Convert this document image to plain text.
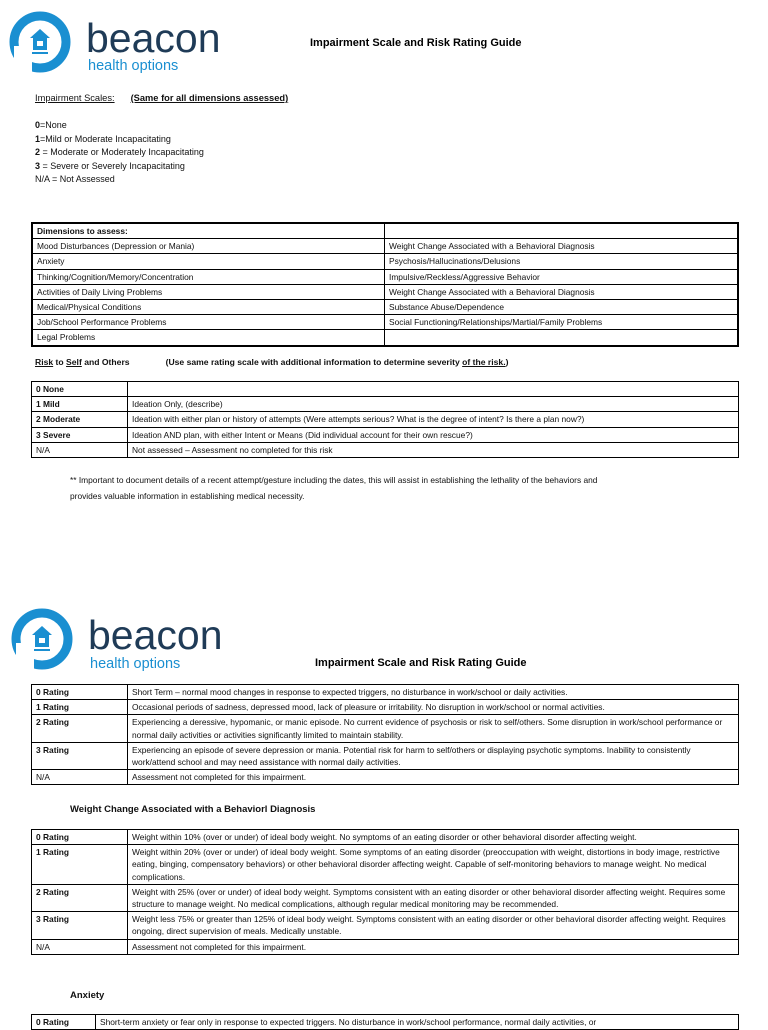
beacon
health options
Impairment Scale and Risk Rating Guide
Impairment Scales: (Same for all dimensions assessed)
0=None
1=Mild or Moderate Incapacitating
2 = Moderate or Moderately Incapacitating
3 = Severe or Severely Incapacitating
N/A = Not Assessed
Dimensions to assess:	
Mood Disturbances (Depression or Mania)	Weight Change Associated with a Behavioral Diagnosis
Anxiety	Psychosis/Hallucinations/Delusions
Thinking/Cognition/Memory/Concentration	Impulsive/Reckless/Aggressive Behavior
Activities of Daily Living Problems	Weight Change Associated with a Behavioral Diagnosis
Medical/Physical Conditions	Substance Abuse/Dependence
Job/School Performance Problems	Social Functioning/Relationships/Martial/Family Problems
Legal Problems	
Risk to Self and Others	(Use same rating scale with additional information to determine severity of the risk.)
0 None	
1 Mild	Ideation Only, (describe)
2 Moderate	Ideation with either plan or history of attempts (Were attempts serious? What is the degree of intent? Is there a plan now?)
3 Severe	Ideation AND plan, with either Intent or Means (Did individual account for their own rescue?)
N/A	Not assessed – Assessment no completed for this risk
** Important to document details of a recent attempt/gesture including the dates, this will assist in establishing the lethality of the behaviors and
provides valuable information in establishing medical necessity.
beacon
health options	Impairment Scale and Risk Rating Guide
0 Rating	Short Term – normal mood changes in response to expected triggers, no disturbance in work/school or daily activities.
1 Rating	Occasional periods of sadness, depressed mood, lack of pleasure or irritability. No disruption in work/school or normal activities.
2 Rating	Experiencing a deressive, hypomanic, or manic episode. No current evidence of psychosis or risk to self/others. Some disruption in work/school performance or normal daily activities or activities significantly limited to maintain stability.
3 Rating	Experiencing an episode of severe depression or mania. Potential risk for harm to self/others or displaying psychotic symptoms. Inability to consistently work/attend school and may need assistance with normal daily activities.
N/A	Assessment not completed for this impairment.
Weight Change Associated with a Behaviorl Diagnosis
0 Rating	Weight within 10% (over or under) of ideal body weight. No symptoms of an eating disorder or other behavioral disorder affecting weight.
1 Rating	Weight within 20% (over or under) of ideal body weight. Some symptoms of an eating disorder (preoccupation with weight, distortions in body image, restrictive eating, binging, compensatory behaviors) or other behavioral disorder affecting weight. Capable of self-monitoring behaviors to manage weight. No medical complications.
2 Rating	Weight with 25% (over or under) of ideal body weight. Symptoms consistent with an eating disorder or other behavioral disorder affecting weight. Requires some structure to manage weight. No medical complications, although regular medical monitoring may be recommended.
3 Rating	Weight less 75% or greater than 125% of ideal body weight. Symptoms consistent with an eating disorder or other behavioral disorder affecting weight. Requires ongoing, direct supervision of meals. Medically unstable.
N/A	Assessment not completed for this impairment.
Anxiety
0 Rating	Short-term anxiety or fear only in response to expected triggers. No disturbance in work/school performance, normal daily activities, or
